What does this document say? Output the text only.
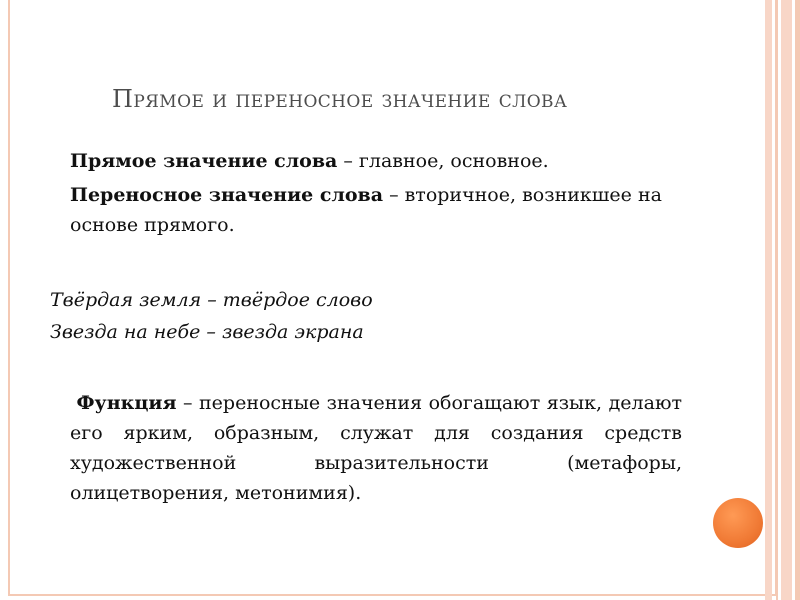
Прямое и переносное значение слова
Прямое значение слова – главное, основное.
Переносное значение слова – вторичное, возникшее на основе прямого.
Твёрдая земля – твёрдое слово
Звезда на небе – звезда экрана
Функция – переносные значения обогащают язык, делают его ярким, образным, служат для создания средств художественной выразительности (метафоры, олицетворения, метонимия).
